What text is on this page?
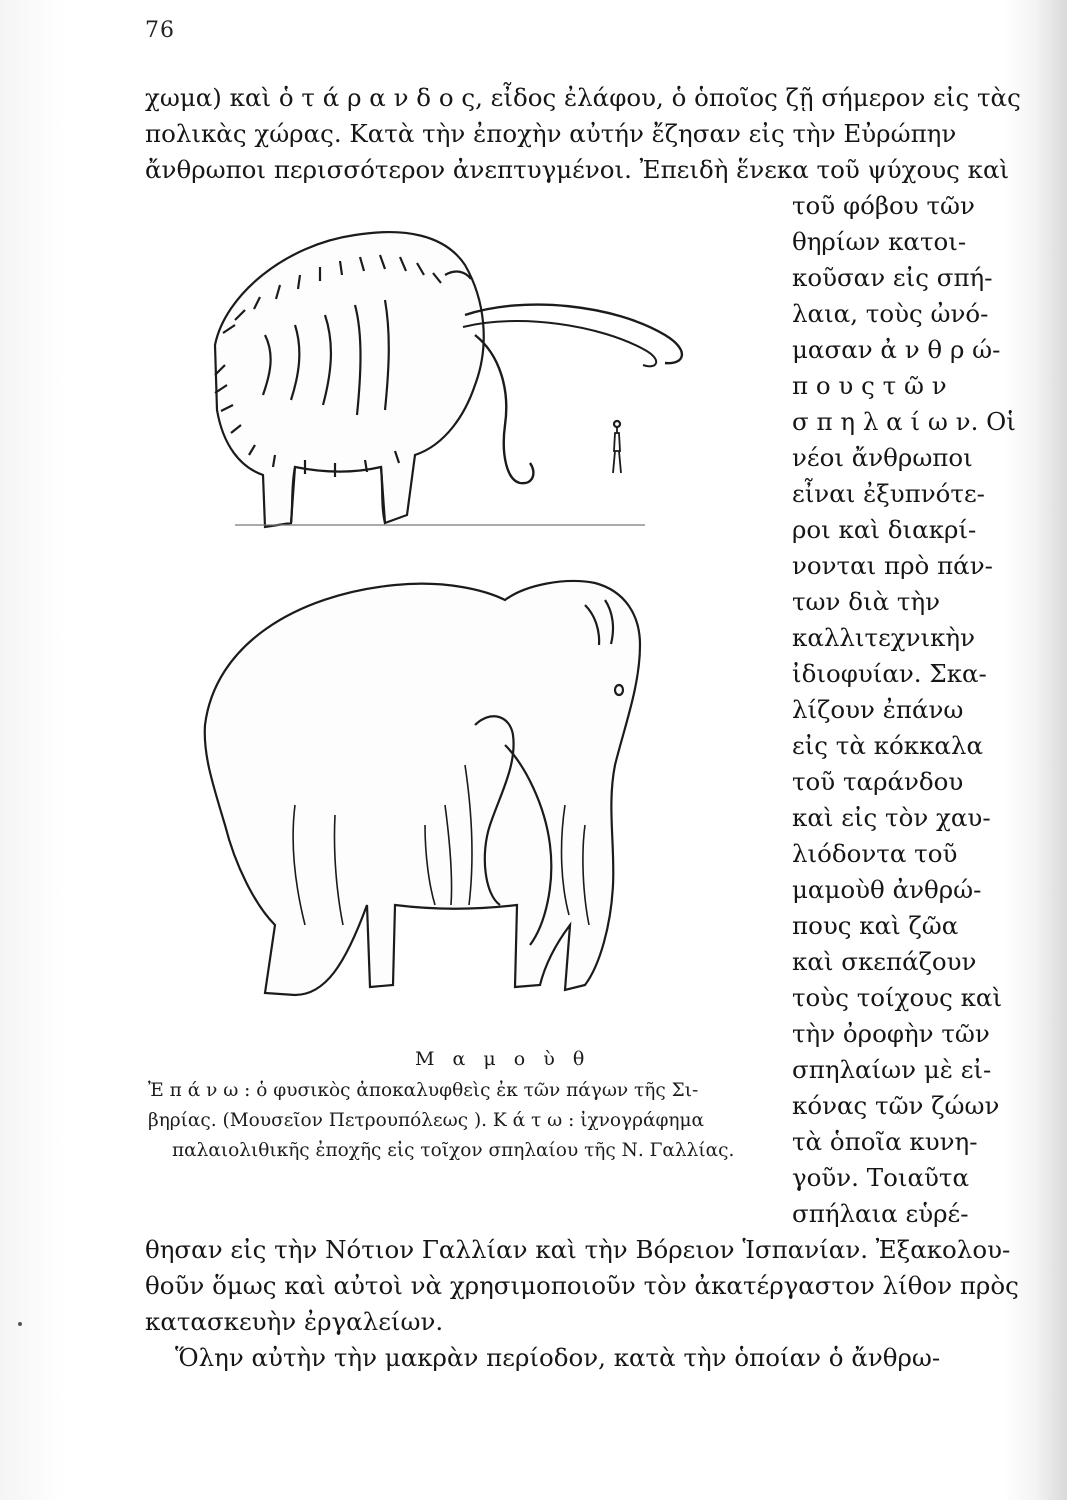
76
χωμα) καὶ ὁ τ ά ρ α ν δ ο ς, εἶδος ἐλάφου, ὁ ὁποῖος ζῇ σήμερον εἰς τὰς
πολικὰς χώρας. Κατὰ τὴν ἐποχὴν αὐτήν ἔζησαν εἰς τὴν Εὐρώπην
ἄνθρωποι περισσότερον ἀνεπτυγμένοι. Ἐπειδὴ ἕνεκα τοῦ ψύχους καὶ
τοῦ φόβου τῶν
θηρίων κατοι-
κοῦσαν εἰς σπή-
λαια, τοὺς ὠνό-
μασαν ἀ ν θ ρ ώ-
π ο υ ς τ ῶ ν
σ π η λ α ί ω ν. Οἱ
νέοι ἄνθρωποι
εἶναι ἐξυπνότε-
ροι καὶ διακρί-
νονται πρὸ πάν-
των διὰ τὴν
καλλιτεχνικὴν
ἰδιοφυίαν. Σκα-
λίζουν ἐπάνω
εἰς τὰ κόκκαλα
τοῦ ταράνδου
καὶ εἰς τὸν χαυ-
λιόδοντα τοῦ
μαμοὺθ ἀνθρώ-
πους καὶ ζῶα
καὶ σκεπάζουν
τοὺς τοίχους καὶ
τὴν ὀροφὴν τῶν
σπηλαίων μὲ εἰ-
κόνας τῶν ζώων
τὰ ὁποῖα κυνη-
γοῦν. Τοιαῦτα
σπήλαια εὑρέ-
Μ α μ ο ὺ θ
Ἐ π ά ν ω : ὁ φυσικὸς ἀποκαλυφθεὶς ἐκ τῶν πάγων τῆς Σι-
βηρίας. (Μουσεῖον Πετρουπόλεως ). Κ ά τ ω : ἰχνογράφημα
παλαιολιθικῆς ἐποχῆς εἰς τοῖχον σπηλαίου τῆς Ν. Γαλλίας.
θησαν εἰς τὴν Νότιον Γαλλίαν καὶ τὴν Βόρειον Ἱσπανίαν. Ἐξακολου-
θοῦν ὅμως καὶ αὐτοὶ νὰ χρησιμοποιοῦν τὸν ἀκατέργαστον λίθον πρὸς
κατασκευὴν ἐργαλείων.
Ὅλην αὐτὴν τὴν μακρὰν περίοδον, κατὰ τὴν ὁποίαν ὁ ἄνθρω-
